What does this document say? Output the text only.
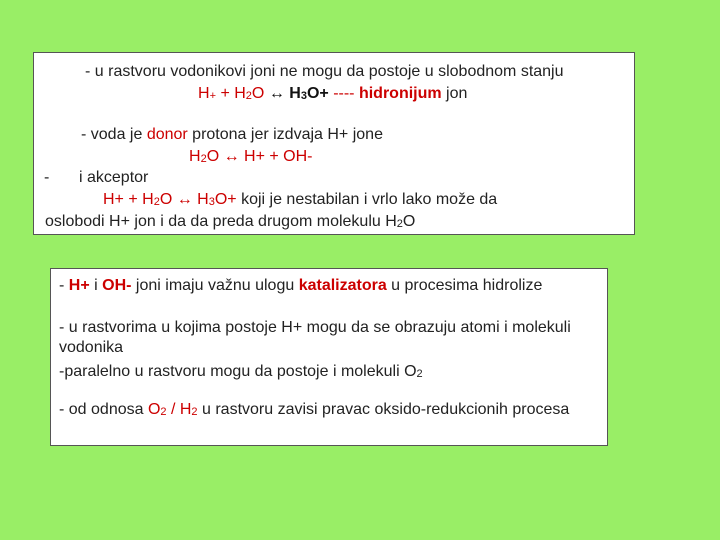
- u rastvoru vodonikovi joni ne mogu da postoje u slobodnom stanju
$H_+ + H_2O$ ↔ $H_3O+$ ---- hidronijum jon
- voda je donor protona jer izdvaja H+ jone
$H_2O$ ↔ H+ + OH-
- i akceptor
$H+ + H_2O$ ↔ $H_3O+$ koji je nestabilan i vrlo lako može da
oslobodi H+ jon i da da preda drugom molekulu $H_2O$
- H+ i OH- joni imaju važnu ulogu katalizatora u procesima hidrolize
- u rastvorima u kojima postoje H+ mogu da se obrazuju atomi i molekuli vodonika
-paralelno u rastvoru mogu da postoje i molekuli $O_2$
- od odnosa $O_2 / H_2$ u rastvoru zavisi pravac oksido-redukcionih procesa
